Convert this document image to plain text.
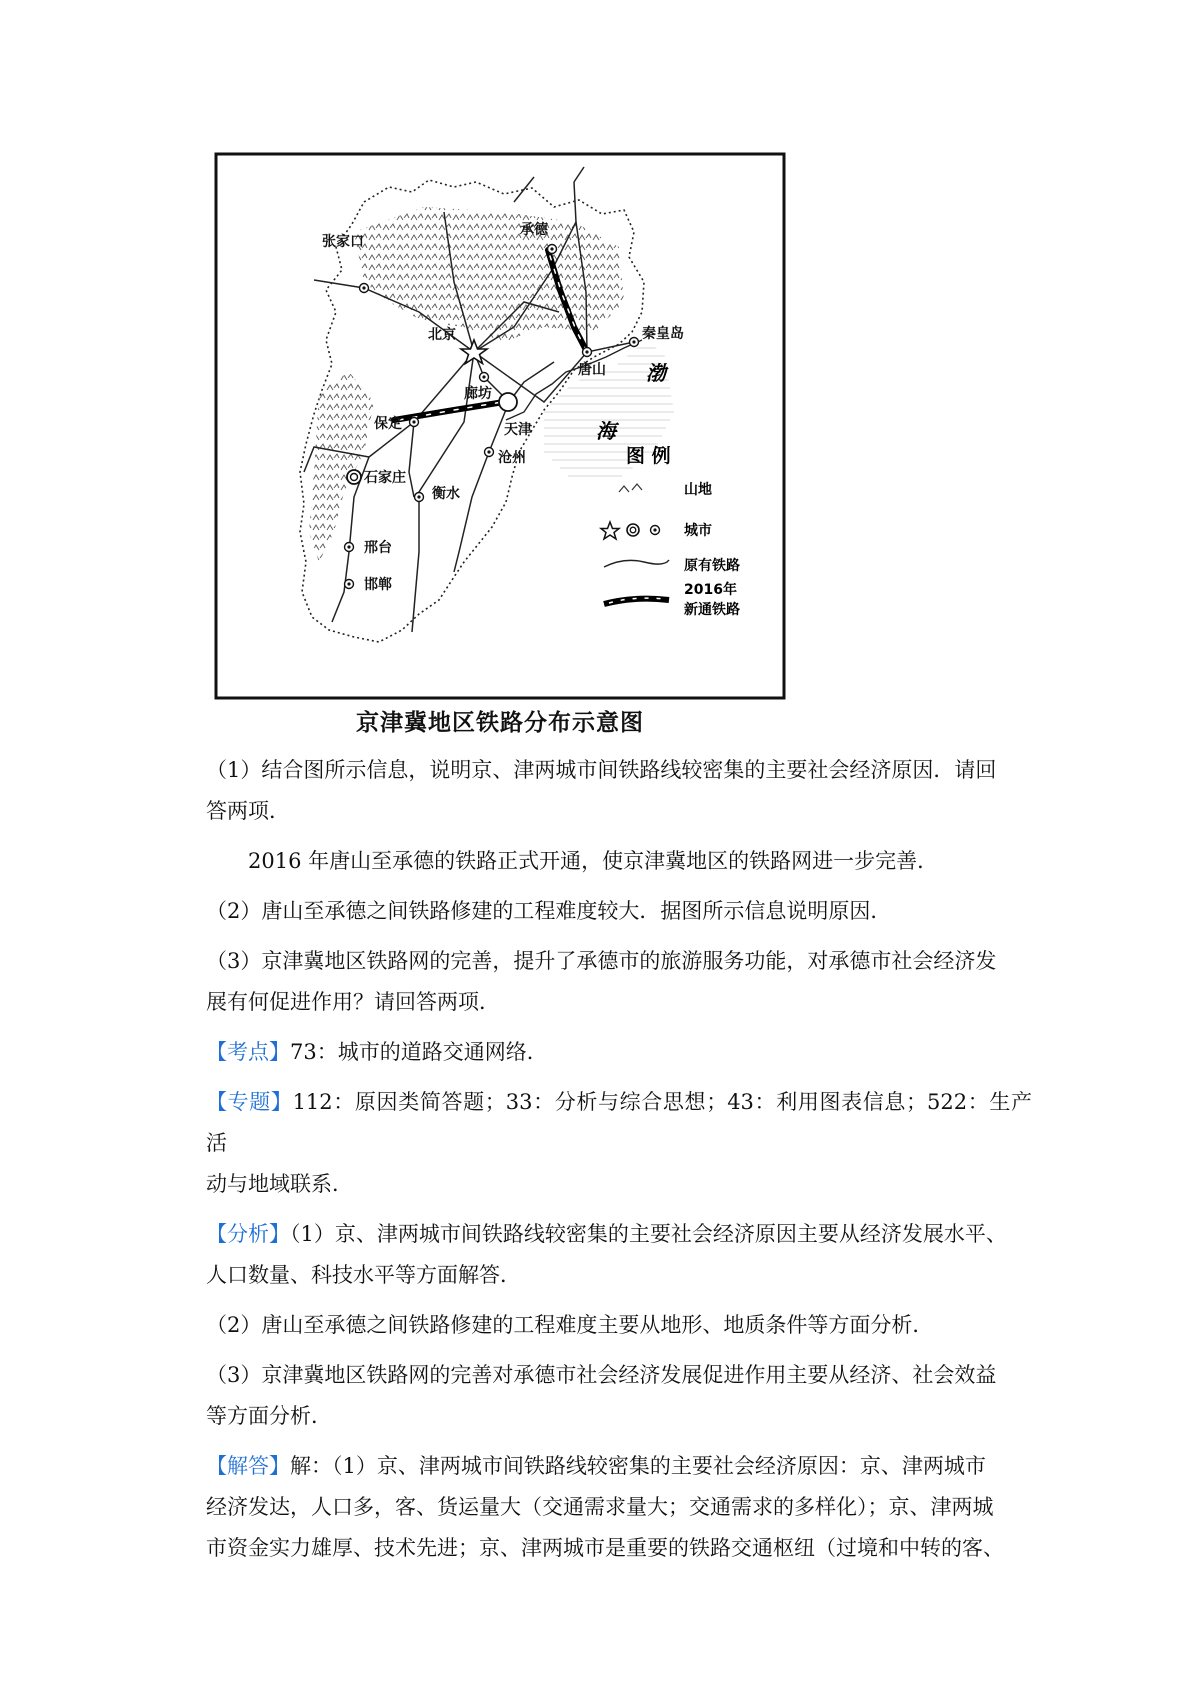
张家口
承德
北京	秦皇岛
唐山
廊坊
保定	天津
沧州
石家庄
衡水
邢台
邯郸
渤
海
图 例
山地
城市
原有铁路
2016年
新通铁路
京津冀地区铁路分布示意图

（1）结合图所示信息，说明京、津两城市间铁路线较密集的主要社会经济原因．请回
答两项．

2016 年唐山至承德的铁路正式开通，使京津冀地区的铁路网进一步完善．

（2）唐山至承德之间铁路修建的工程难度较大．据图所示信息说明原因．

（3）京津冀地区铁路网的完善，提升了承德市的旅游服务功能，对承德市社会经济发
展有何促进作用？请回答两项．

【考点】73：城市的道路交通网络．

【专题】112：原因类简答题；33：分析与综合思想；43：利用图表信息；522：生产活
动与地域联系．

【分析】（1）京、津两城市间铁路线较密集的主要社会经济原因主要从经济发展水平、
人口数量、科技水平等方面解答．

（2）唐山至承德之间铁路修建的工程难度主要从地形、地质条件等方面分析．

（3）京津冀地区铁路网的完善对承德市社会经济发展促进作用主要从经济、社会效益
等方面分析．

【解答】解：（1）京、津两城市间铁路线较密集的主要社会经济原因：京、津两城市
经济发达，人口多，客、货运量大（交通需求量大；交通需求的多样化）；京、津两城
市资金实力雄厚、技术先进；京、津两城市是重要的铁路交通枢纽（过境和中转的客、
